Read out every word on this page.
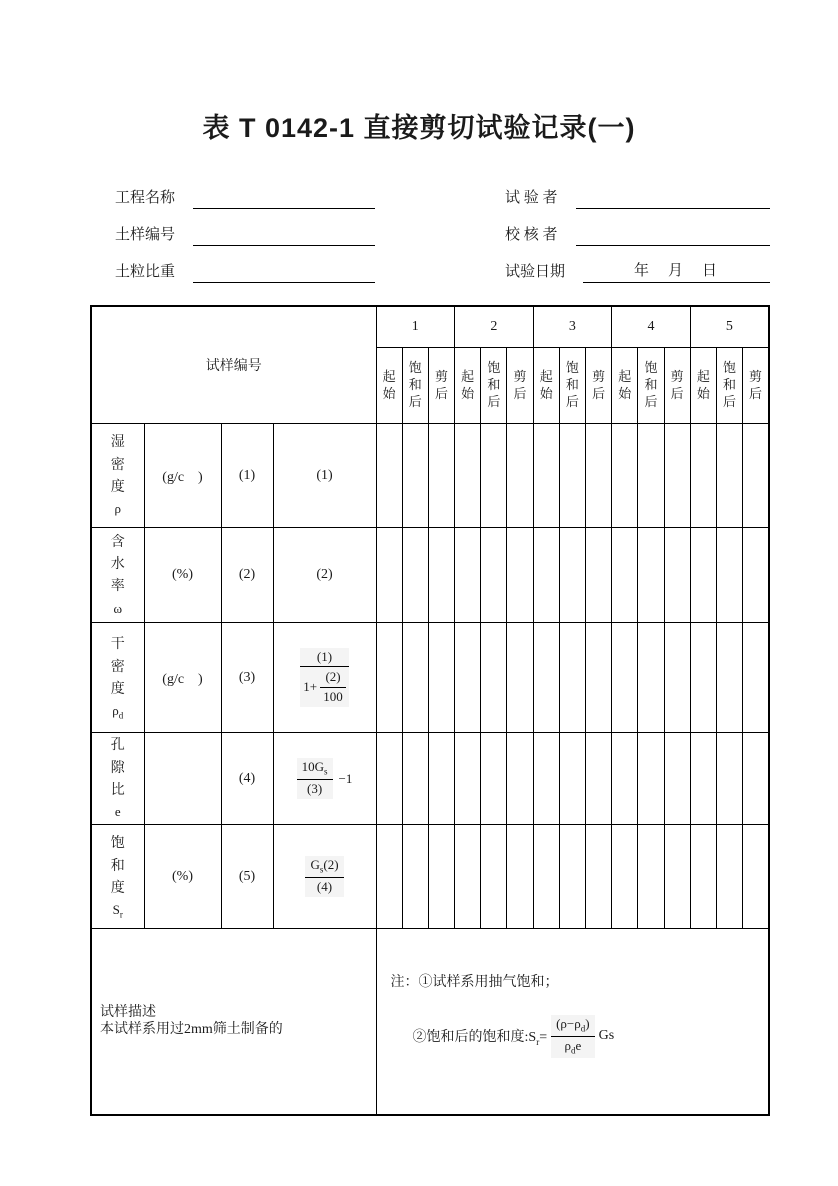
表 T 0142-1 直接剪切试验记录(一)
工程名称
土样编号
土粒比重
试 验 者
校 核 者
试验日期	年　月　日
试样编号				1			2			3			4			5		

				起始	饱和后	剪后	起始	饱和后	剪后	起始	饱和后	剪后	起始	饱和后	剪后	起始	饱和后	剪后

湿密度
ρ	(g/c　)	(1)	(1)															

含水率
ω	(%)	(2)	(2)															

干密度
$\rho_d$	(g/c　)	(3)	$\frac{(1)}{1+ \frac{(2)}{100}}$

孔隙比
e		(4)	$\frac{10G_s}{(3)} -1$															

饱和度
$S_r$	(%)	(5)	$\frac{G_s(2)}{(4)}$

试样描述
本试样系用过2mm筛土制备的

注：①试样系用抽气饱和；
②饱和后的饱和度$:S_r= \frac{(\rho-\rho_d)}{\rho_de}$ Gs
